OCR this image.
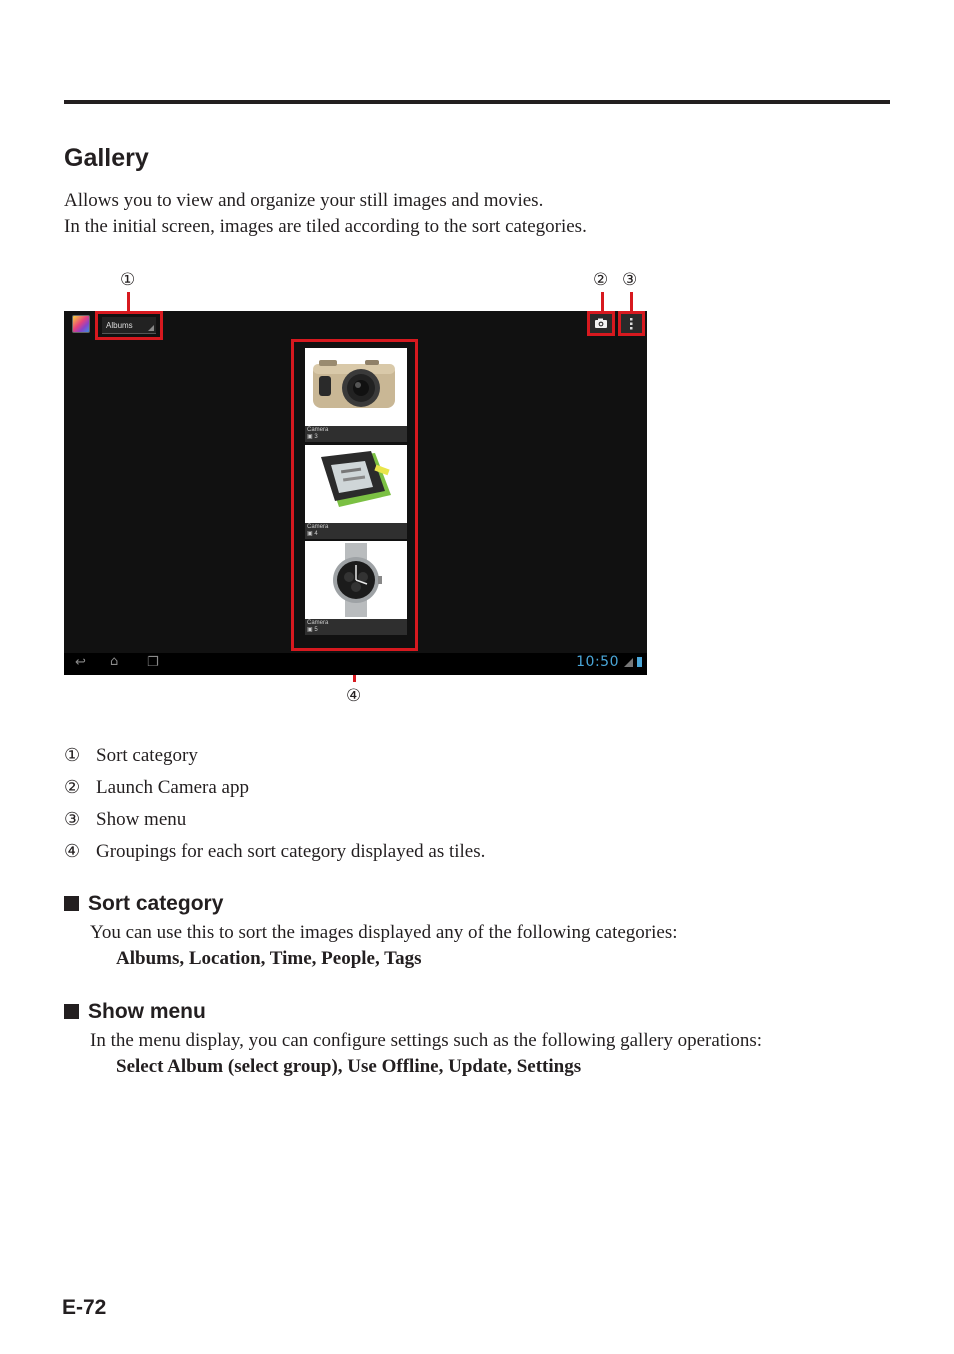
Gallery

Allows you to view and organize your still images and movies.

In the initial screen, images are tiled according to the sort categories.

①	② ③
④
Albums
Camera
▣ 3
Camera
▣ 4
Camera
▣ 5
↩ ⌂ ❐	10:50
① Sort category
② Launch Camera app
③ Show menu
④ Groupings for each sort category displayed as tiles.
Sort category

You can use this to sort the images displayed any of the following categories:

Albums, Location, Time, People, Tags

Show menu

In the menu display, you can configure settings such as the following gallery operations:

Select Album (select group), Use Offline, Update, Settings

E-72
